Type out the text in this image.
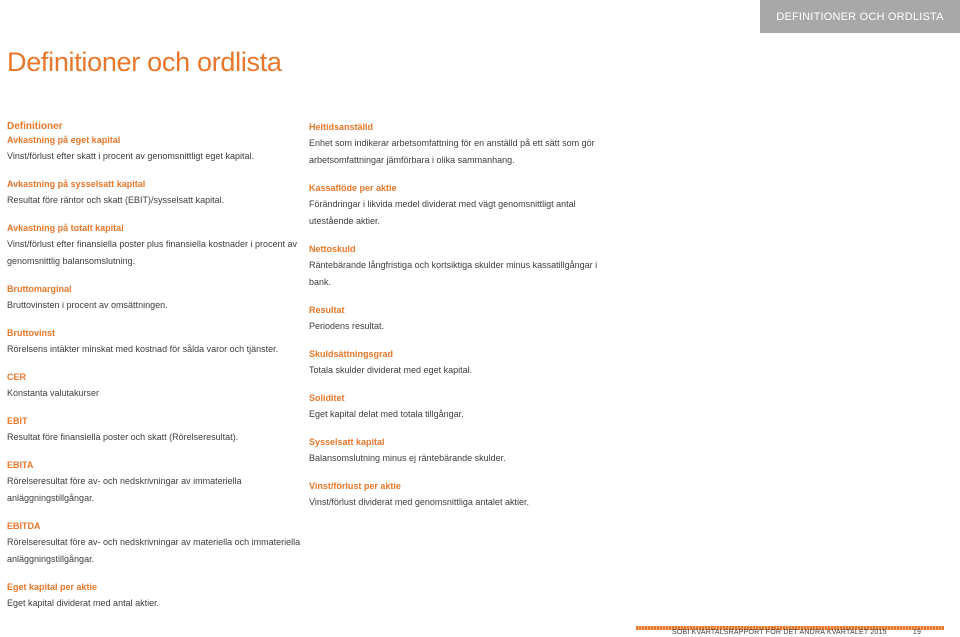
DEFINITIONER OCH ORDLISTA
Definitioner och ordlista
Definitioner
Avkastning på eget kapital
Vinst/förlust efter skatt i procent av genomsnittligt eget kapital.
Avkastning på sysselsatt kapital
Resultat före räntor och skatt (EBIT)/sysselsatt kapital.
Avkastning på totalt kapital
Vinst/förlust efter finansiella poster plus finansiella kostnader i procent av genomsnittlig balansomslutning.
Bruttomarginal
Bruttovinsten i procent av omsättningen.
Bruttovinst
Rörelsens intäkter minskat med kostnad för sålda varor och tjänster.
CER
Konstanta valutakurser
EBIT
Resultat före finansiella poster och skatt (Rörelseresultat).
EBITA
Rörelseresultat före av- och nedskrivningar av immateriella anläggningstillgångar.
EBITDA
Rörelseresultat före av- och nedskrivningar av materiella och immateriella anläggningstillgångar.
Eget kapital per aktie
Eget kapital dividerat med antal aktier.
Heltidsanställd
Enhet som indikerar arbetsomfattning för en anställd på ett sätt som gör arbetsomfattningar jämförbara i olika sammanhang.
Kassaflöde per aktie
Förändringar i likvida medel dividerat med vägt genomsnittligt antal utestående aktier.
Nettoskuld
Räntebärande långfristiga och kortsiktiga skulder minus kassatillgångar i bank.
Resultat
Periodens resultat.
Skuldsättningsgrad
Totala skulder dividerat med eget kapital.
Soliditet
Eget kapital delat med totala tillgångar.
Sysselsatt kapital
Balansomslutning minus ej räntebärande skulder.
Vinst/förlust per aktie
Vinst/förlust dividerat med genomsnittliga antalet aktier.
SOBI KVARTALSRAPPORT FÖR DET ANDRA KVARTALET 2015	19
